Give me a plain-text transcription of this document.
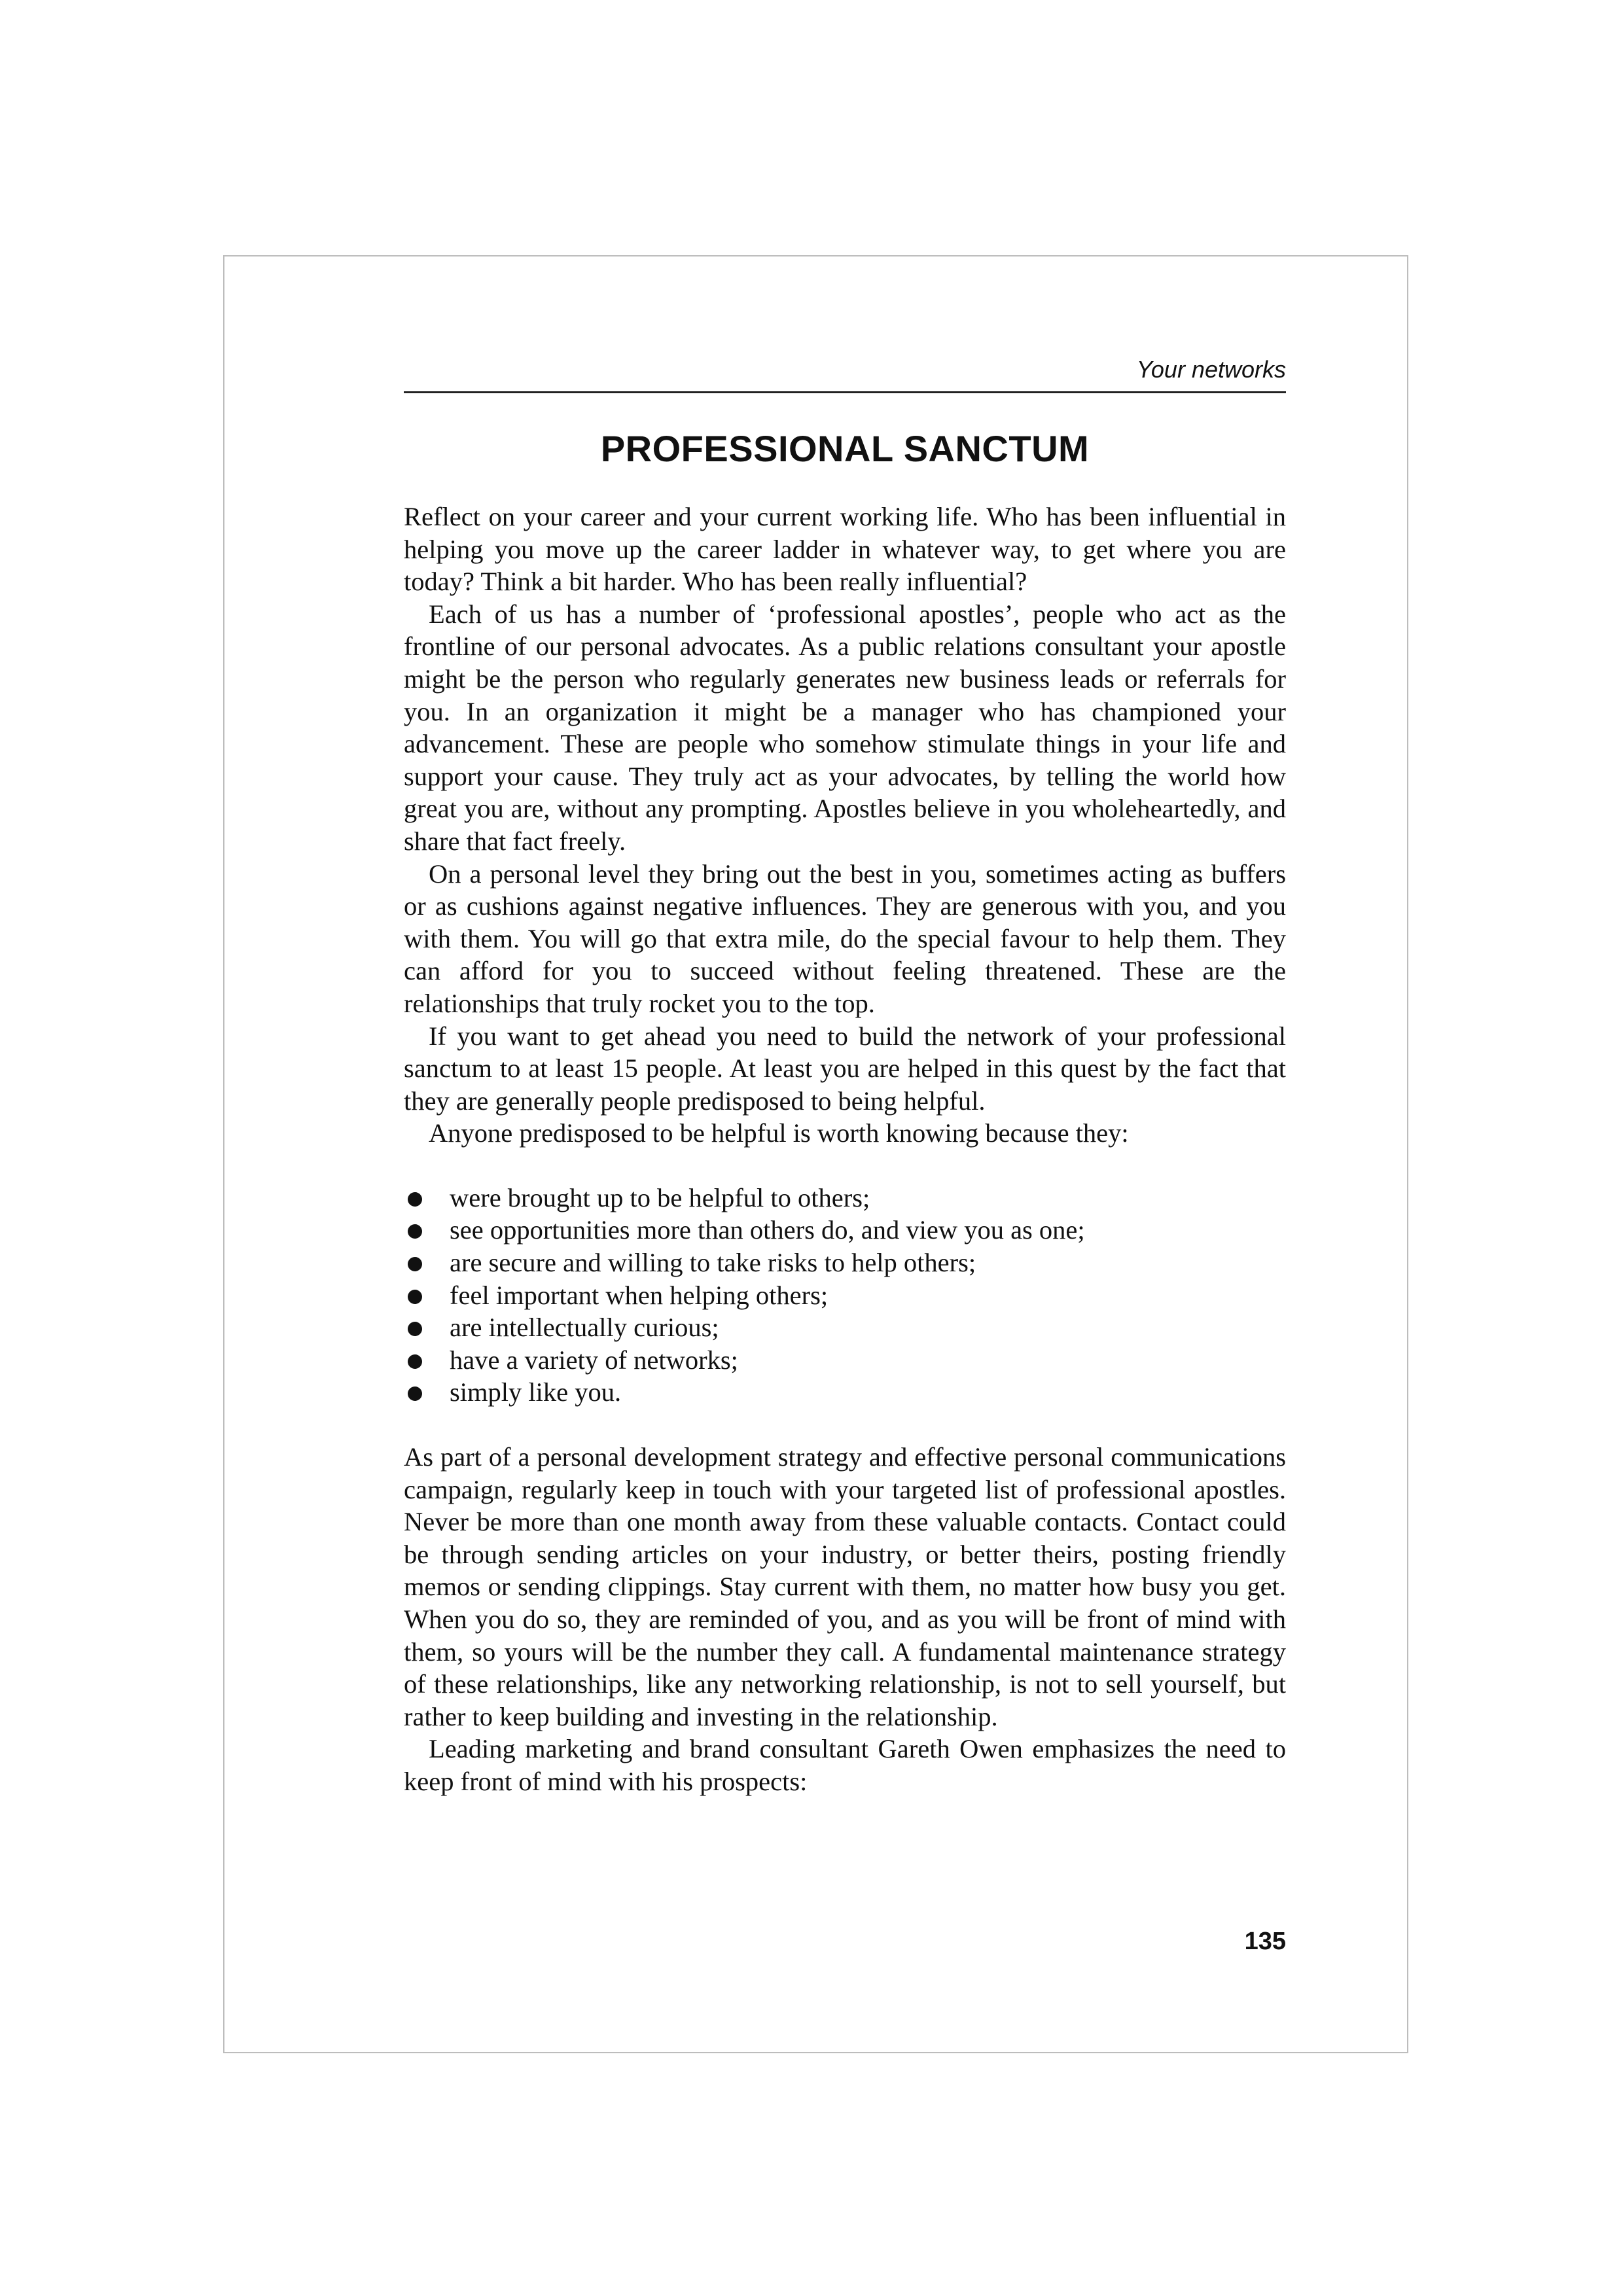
Your networks
PROFESSIONAL SANCTUM

Reflect on your career and your current working life. Who has been influential in helping you move up the career ladder in whatever way, to get where you are today? Think a bit harder. Who has been really influential?

Each of us has a number of ‘professional apostles’, people who act as the frontline of our personal advocates. As a public relations consultant your apostle might be the person who regularly generates new business leads or referrals for you. In an organization it might be a manager who has championed your advancement. These are people who somehow stimulate things in your life and support your cause. They truly act as your advocates, by telling the world how great you are, without any prompting. Apostles believe in you wholeheartedly, and share that fact freely.

On a personal level they bring out the best in you, sometimes acting as buffers or as cushions against negative influences. They are generous with you, and you with them. You will go that extra mile, do the special favour to help them. They can afford for you to succeed without feeling threatened. These are the relationships that truly rocket you to the top.

If you want to get ahead you need to build the network of your professional sanctum to at least 15 people. At least you are helped in this quest by the fact that they are generally people predisposed to being helpful.

Anyone predisposed to be helpful is worth knowing because they:

were brought up to be helpful to others;
see opportunities more than others do, and view you as one;
are secure and willing to take risks to help others;
feel important when helping others;
are intellectually curious;
have a variety of networks;
simply like you.

As part of a personal development strategy and effective personal communications campaign, regularly keep in touch with your targeted list of professional apostles. Never be more than one month away from these valuable contacts. Contact could be through sending articles on your industry, or better theirs, posting friendly memos or sending clippings. Stay current with them, no matter how busy you get. When you do so, they are reminded of you, and as you will be front of mind with them, so yours will be the number they call. A fundamental maintenance strategy of these relationships, like any networking relationship, is not to sell yourself, but rather to keep building and investing in the relationship.

Leading marketing and brand consultant Gareth Owen emphasizes the need to keep front of mind with his prospects:

135
